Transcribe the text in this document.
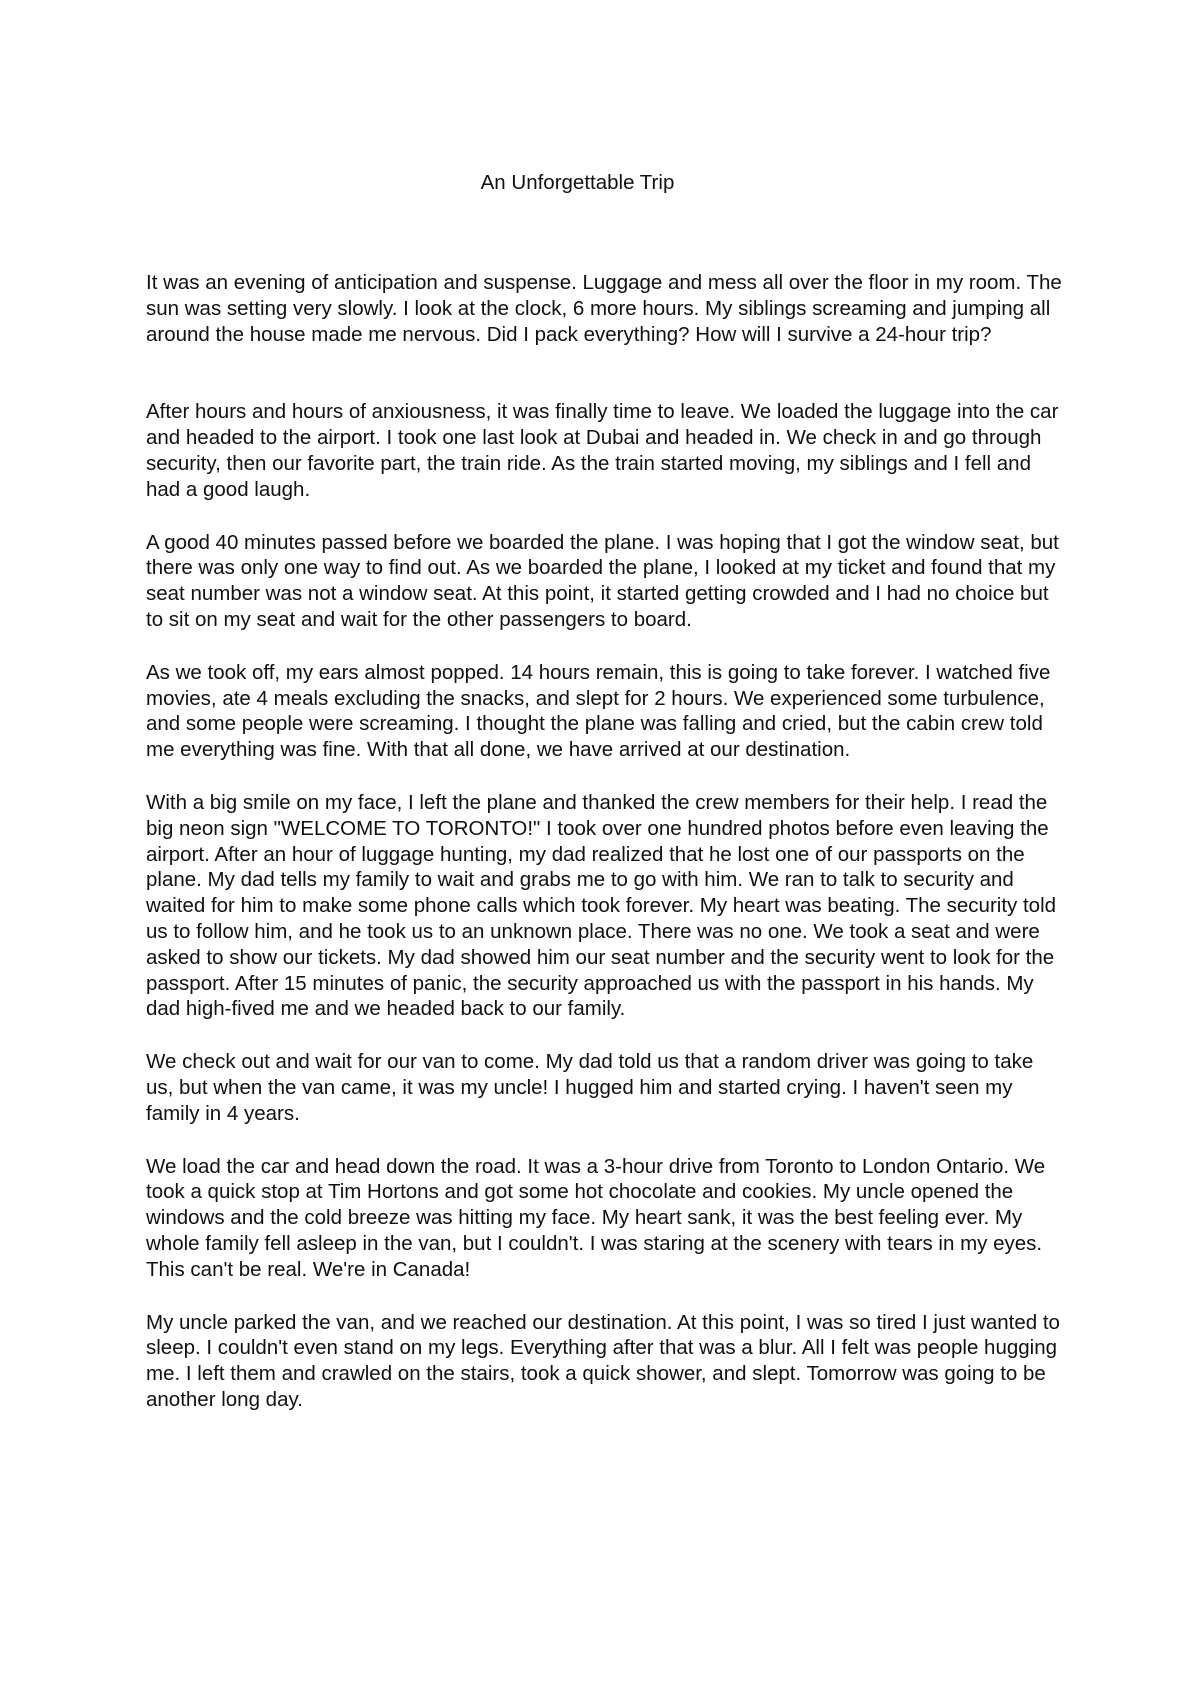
An Unforgettable Trip

It was an evening of anticipation and suspense. Luggage and mess all over the floor in my room. The sun was setting very slowly. I look at the clock, 6 more hours. My siblings screaming and jumping all around the house made me nervous. Did I pack everything? How will I survive a 24-hour trip?

After hours and hours of anxiousness, it was finally time to leave. We loaded the luggage into the car and headed to the airport. I took one last look at Dubai and headed in. We check in and go through security, then our favorite part, the train ride. As the train started moving, my siblings and I fell and had a good laugh.

A good 40 minutes passed before we boarded the plane. I was hoping that I got the window seat, but there was only one way to find out. As we boarded the plane, I looked at my ticket and found that my seat number was not a window seat. At this point, it started getting crowded and I had no choice but to sit on my seat and wait for the other passengers to board.

As we took off, my ears almost popped. 14 hours remain, this is going to take forever. I watched five movies, ate 4 meals excluding the snacks, and slept for 2 hours. We experienced some turbulence, and some people were screaming. I thought the plane was falling and cried, but the cabin crew told me everything was fine. With that all done, we have arrived at our destination.

With a big smile on my face, I left the plane and thanked the crew members for their help. I read the big neon sign "WELCOME TO TORONTO!" I took over one hundred photos before even leaving the airport. After an hour of luggage hunting, my dad realized that he lost one of our passports on the plane. My dad tells my family to wait and grabs me to go with him. We ran to talk to security and waited for him to make some phone calls which took forever. My heart was beating. The security told us to follow him, and he took us to an unknown place. There was no one. We took a seat and were asked to show our tickets. My dad showed him our seat number and the security went to look for the passport. After 15 minutes of panic, the security approached us with the passport in his hands. My dad high-fived me and we headed back to our family.

We check out and wait for our van to come. My dad told us that a random driver was going to take us, but when the van came, it was my uncle! I hugged him and started crying. I haven't seen my family in 4 years.

We load the car and head down the road. It was a 3-hour drive from Toronto to London Ontario. We took a quick stop at Tim Hortons and got some hot chocolate and cookies. My uncle opened the windows and the cold breeze was hitting my face. My heart sank, it was the best feeling ever. My whole family fell asleep in the van, but I couldn't. I was staring at the scenery with tears in my eyes. This can't be real. We're in Canada!

My uncle parked the van, and we reached our destination. At this point, I was so tired I just wanted to sleep. I couldn't even stand on my legs. Everything after that was a blur. All I felt was people hugging me. I left them and crawled on the stairs, took a quick shower, and slept. Tomorrow was going to be another long day.
